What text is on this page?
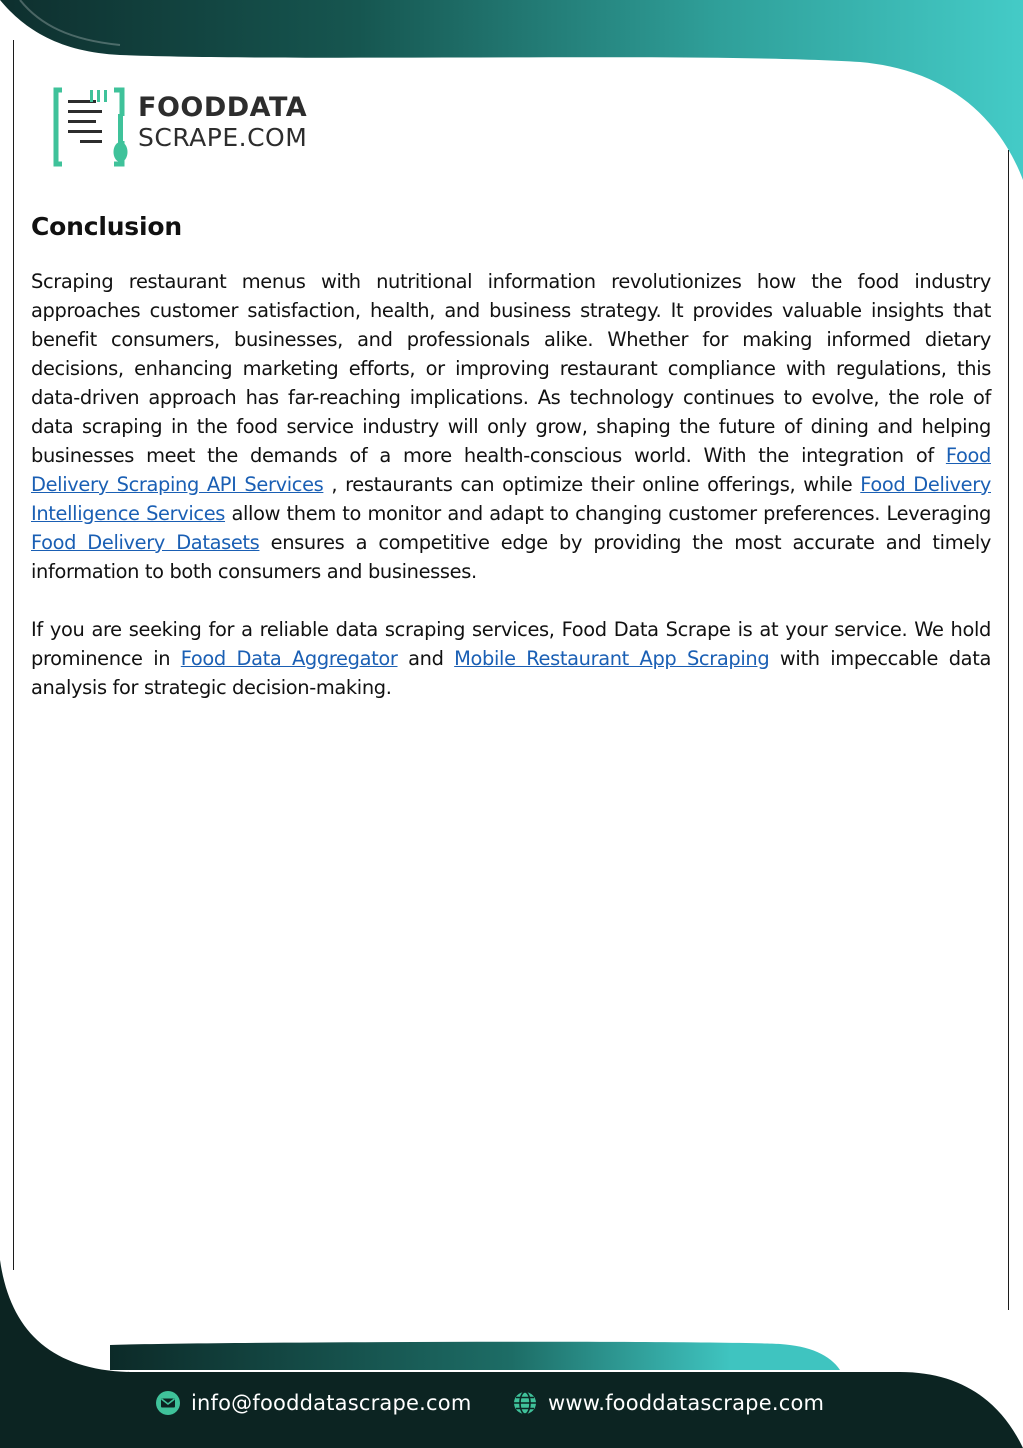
FOODDATA
SCRAPE.COM
Conclusion

Scraping restaurant menus with nutritional information revolutionizes how the food industry approaches customer satisfaction, health, and business strategy. It provides valuable insights that benefit consumers, businesses, and professionals alike. Whether for making informed dietary decisions, enhancing marketing efforts, or improving restaurant compliance with regulations, this data-driven approach has far-reaching implications. As technology continues to evolve, the role of data scraping in the food service industry will only grow, shaping the future of dining and helping businesses meet the demands of a more health-conscious world. With the integration of Food Delivery Scraping API Services , restaurants can optimize their online offerings, while Food Delivery Intelligence Services allow them to monitor and adapt to changing customer preferences. Leveraging Food Delivery Datasets ensures a competitive edge by providing the most accurate and timely information to both consumers and businesses.

If you are seeking for a reliable data scraping services, Food Data Scrape is at your service. We hold prominence in Food Data Aggregator and Mobile Restaurant App Scraping with impeccable data analysis for strategic decision-making.

info@fooddatascrape.com	www.fooddatascrape.com
